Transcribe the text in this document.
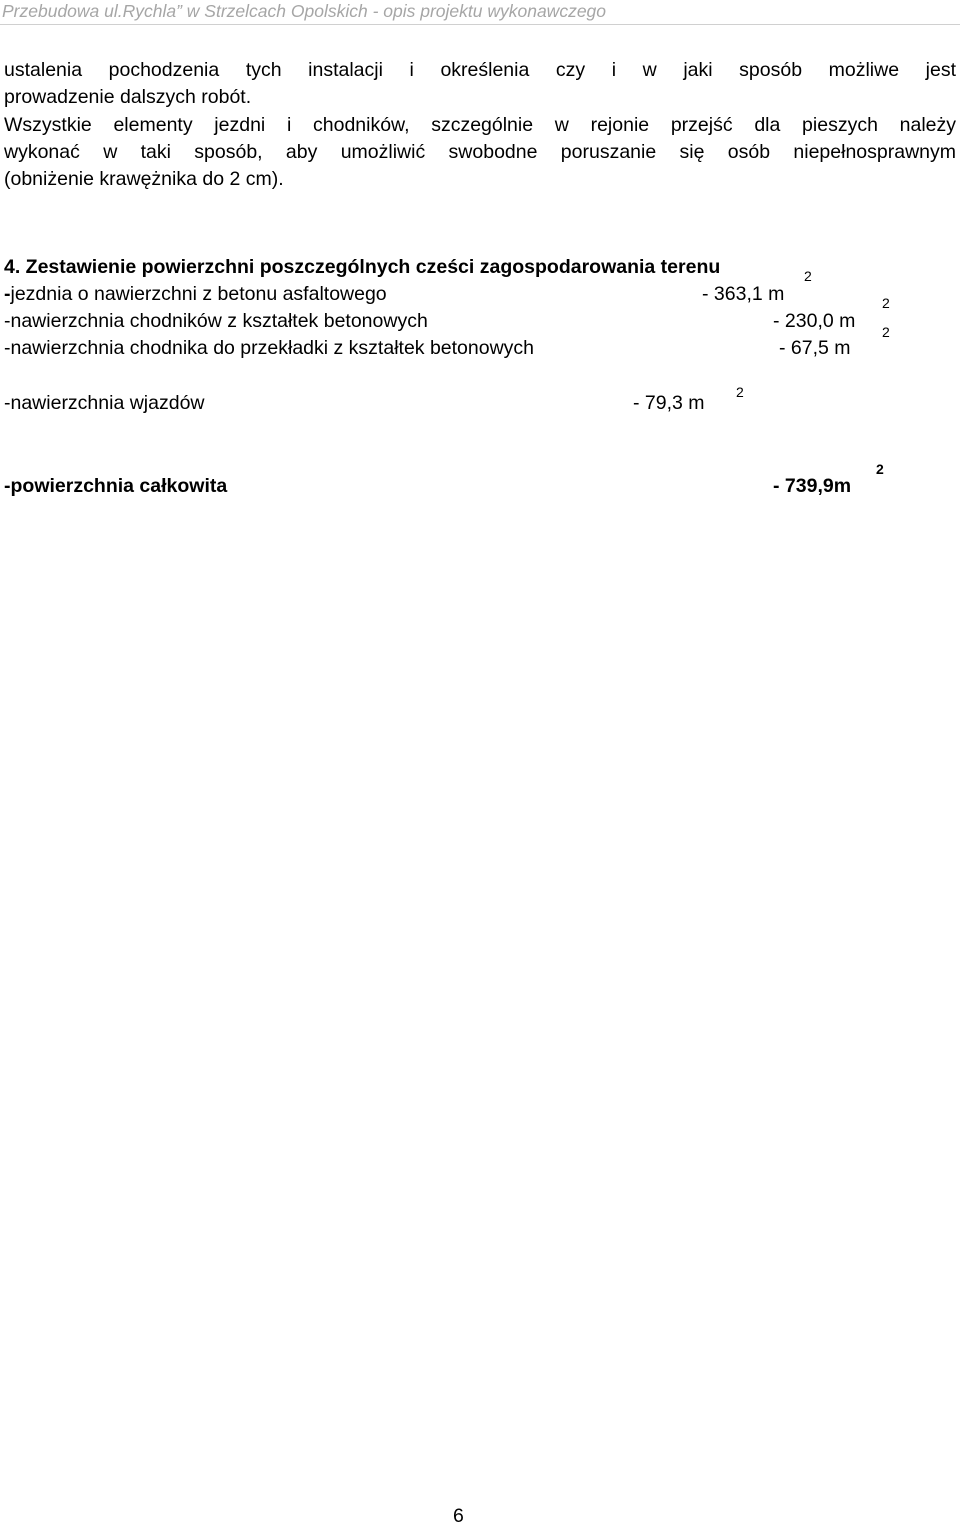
Przebudowa ul.Rychla” w Strzelcach Opolskich - opis projektu wykonawczego
ustalenia pochodzenia tych instalacji i określenia czy i w jaki sposób możliwe jest
prowadzenie dalszych robót.
Wszystkie elementy jezdni i chodników, szczególnie w rejonie przejść dla pieszych należy
wykonać w taki sposób, aby umożliwić swobodne poruszanie się osób niepełnosprawnym
(obniżenie krawężnika do 2 cm).
4. Zestawienie powierzchni poszczególnych cześci zagospodarowania terenu	2
-jezdnia o nawierzchni z betonu asfaltowego	- 363,1 m	2
-nawierzchnia chodników z kształtek betonowych	- 230,0 m 2
-nawierzchnia chodnika do przekładki z kształtek betonowych	- 67,5 m
-nawierzchnia wjazdów	- 79,3 m 2
-powierzchnia całkowita	- 739,9m
2
6
